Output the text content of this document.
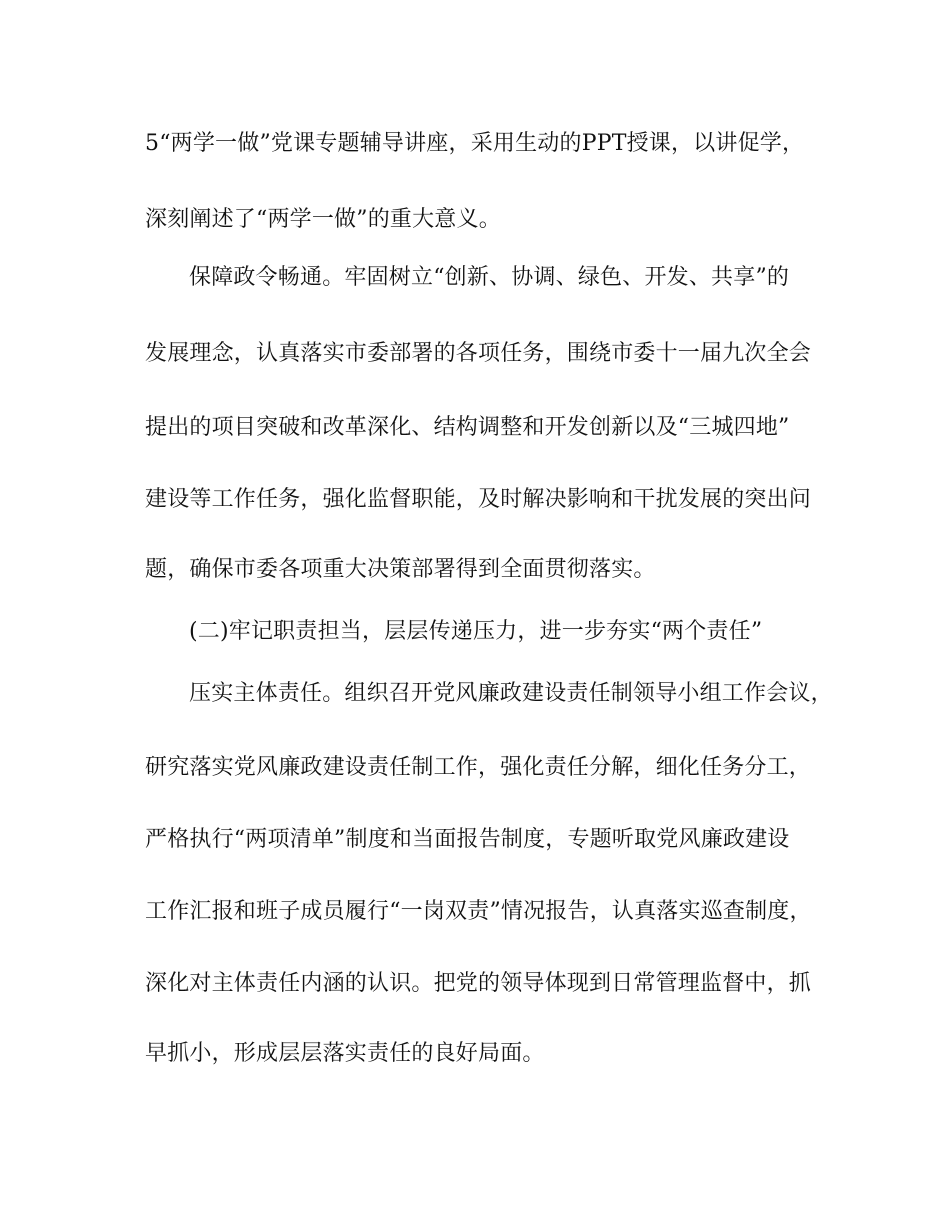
5“两学一做”党课专题辅导讲座，采用生动的PPT授课，以讲促学，
深刻阐述了“两学一做”的重大意义。
保障政令畅通。牢固树立“创新、协调、绿色、开发、共享”的
发展理念，认真落实市委部署的各项任务，围绕市委十一届九次全会
提出的项目突破和改革深化、结构调整和开发创新以及“三城四地”
建设等工作任务，强化监督职能，及时解决影响和干扰发展的突出问
题，确保市委各项重大决策部署得到全面贯彻落实。
(二)牢记职责担当，层层传递压力，进一步夯实“两个责任”
压实主体责任。组织召开党风廉政建设责任制领导小组工作会议，
研究落实党风廉政建设责任制工作，强化责任分解，细化任务分工，
严格执行“两项清单”制度和当面报告制度，专题听取党风廉政建设
工作汇报和班子成员履行“一岗双责”情况报告，认真落实巡查制度，
深化对主体责任内涵的认识。把党的领导体现到日常管理监督中，抓
早抓小，形成层层落实责任的良好局面。
